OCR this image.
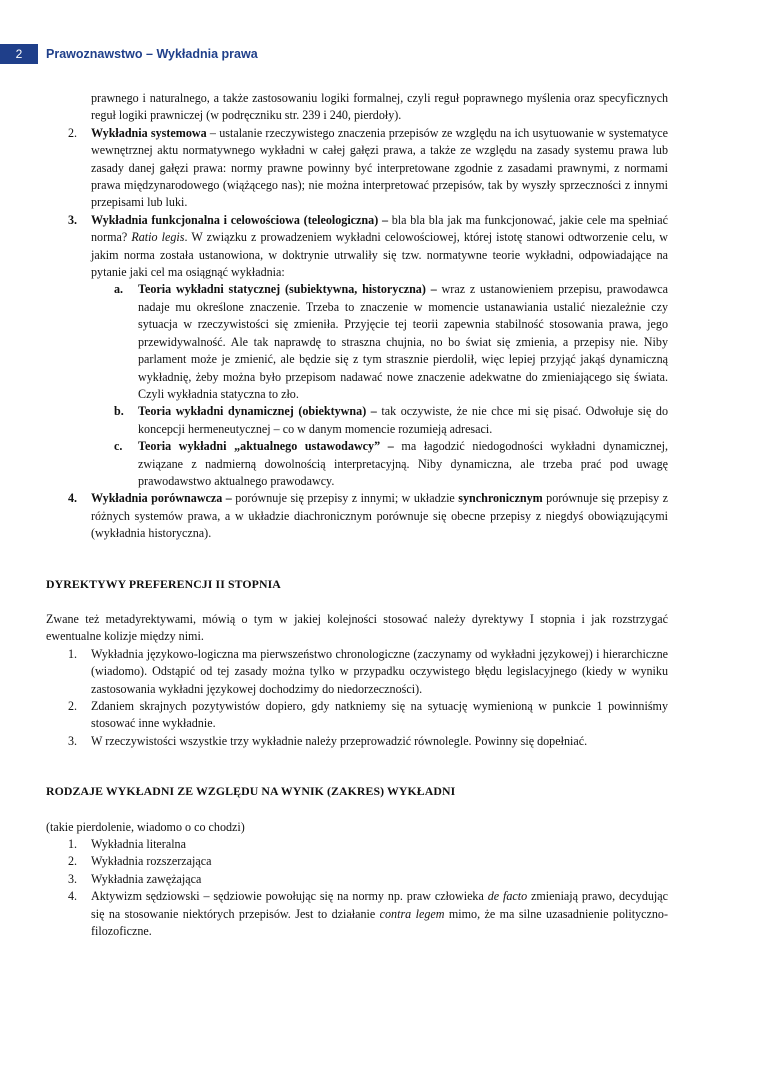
2	Prawoznawstwo – Wykładnia prawa

prawnego i naturalnego, a także zastosowaniu logiki formalnej, czyli reguł poprawnego myślenia oraz specyficznych reguł logiki prawniczej (w podręczniku str. 239 i 240, pierdoły).

2. Wykładnia systemowa – ustalanie rzeczywistego znaczenia przepisów ze względu na ich usytuowanie w systematyce wewnętrznej aktu normatywnego wykładni w całej gałęzi prawa, a także ze względu na zasady systemu prawa lub zasady danej gałęzi prawa: normy prawne powinny być interpretowane zgodnie z zasadami prawnymi, z normami prawa międzynarodowego (wiążącego nas); nie można interpretować przepisów, tak by wyszły sprzeczności z innymi przepisami lub luki.
3. Wykładnia funkcjonalna i celowościowa (teleologiczna) – bla bla bla jak ma funkcjonować, jakie cele ma spełniać norma? Ratio legis. W związku z prowadzeniem wykładni celowościowej, której istotę stanowi odtworzenie celu, w jakim norma została ustanowiona, w doktrynie utrwaliły się tzw. normatywne teorie wykładni, odpowiadające na pytanie jaki cel ma osiągnąć wykładnia:
a. Teoria wykładni statycznej (subiektywna, historyczna) – wraz z ustanowieniem przepisu, prawodawca nadaje mu określone znaczenie. Trzeba to znaczenie w momencie ustanawiania ustalić niezależnie czy sytuacja w rzeczywistości się zmieniła. Przyjęcie tej teorii zapewnia stabilność stosowania prawa, jego przewidywalność. Ale tak naprawdę to straszna chujnia, no bo świat się zmienia, a przepisy nie. Niby parlament może je zmienić, ale będzie się z tym strasznie pierdolił, więc lepiej przyjąć jakąś dynamiczną wykładnię, żeby można było przepisom nadawać nowe znaczenie adekwatne do zmieniającego się świata. Czyli wykładnia statyczna to zło.
b. Teoria wykładni dynamicznej (obiektywna) – tak oczywiste, że nie chce mi się pisać. Odwołuje się do koncepcji hermeneutycznej – co w danym momencie rozumieją adresaci.
c. Teoria wykładni „aktualnego ustawodawcy” – ma łagodzić niedogodności wykładni dynamicznej, związane z nadmierną dowolnością interpretacyjną. Niby dynamiczna, ale trzeba prać pod uwagę prawodawstwo aktualnego prawodawcy.
4. Wykładnia porównawcza – porównuje się przepisy z innymi; w układzie synchronicznym porównuje się przepisy z różnych systemów prawa, a w układzie diachronicznym porównuje się obecne przepisy z niegdyś obowiązującymi (wykładnia historyczna).

DYREKTYWY PREFERENCJI II STOPNIA

Zwane też metadyrektywami, mówią o tym w jakiej kolejności stosować należy dyrektywy I stopnia i jak rozstrzygać ewentualne kolizje między nimi.

1. Wykładnia językowo-logiczna ma pierwszeństwo chronologiczne (zaczynamy od wykładni językowej) i hierarchiczne (wiadomo). Odstąpić od tej zasady można tylko w przypadku oczywistego błędu legislacyjnego (kiedy w wyniku zastosowania wykładni językowej dochodzimy do niedorzeczności).
2. Zdaniem skrajnych pozytywistów dopiero, gdy natkniemy się na sytuację wymienioną w punkcie 1 powinniśmy stosować inne wykładnie.
3. W rzeczywistości wszystkie trzy wykładnie należy przeprowadzić równolegle. Powinny się dopełniać.

RODZAJE WYKŁADNI ZE WZGLĘDU NA WYNIK (ZAKRES) WYKŁADNI

(takie pierdolenie, wiadomo o co chodzi)

1. Wykładnia literalna
2. Wykładnia rozszerzająca
3. Wykładnia zawężająca
4. Aktywizm sędziowski – sędziowie powołując się na normy np. praw człowieka de facto zmieniają prawo, decydując się na stosowanie niektórych przepisów. Jest to działanie contra legem mimo, że ma silne uzasadnienie polityczno-filozoficzne.
